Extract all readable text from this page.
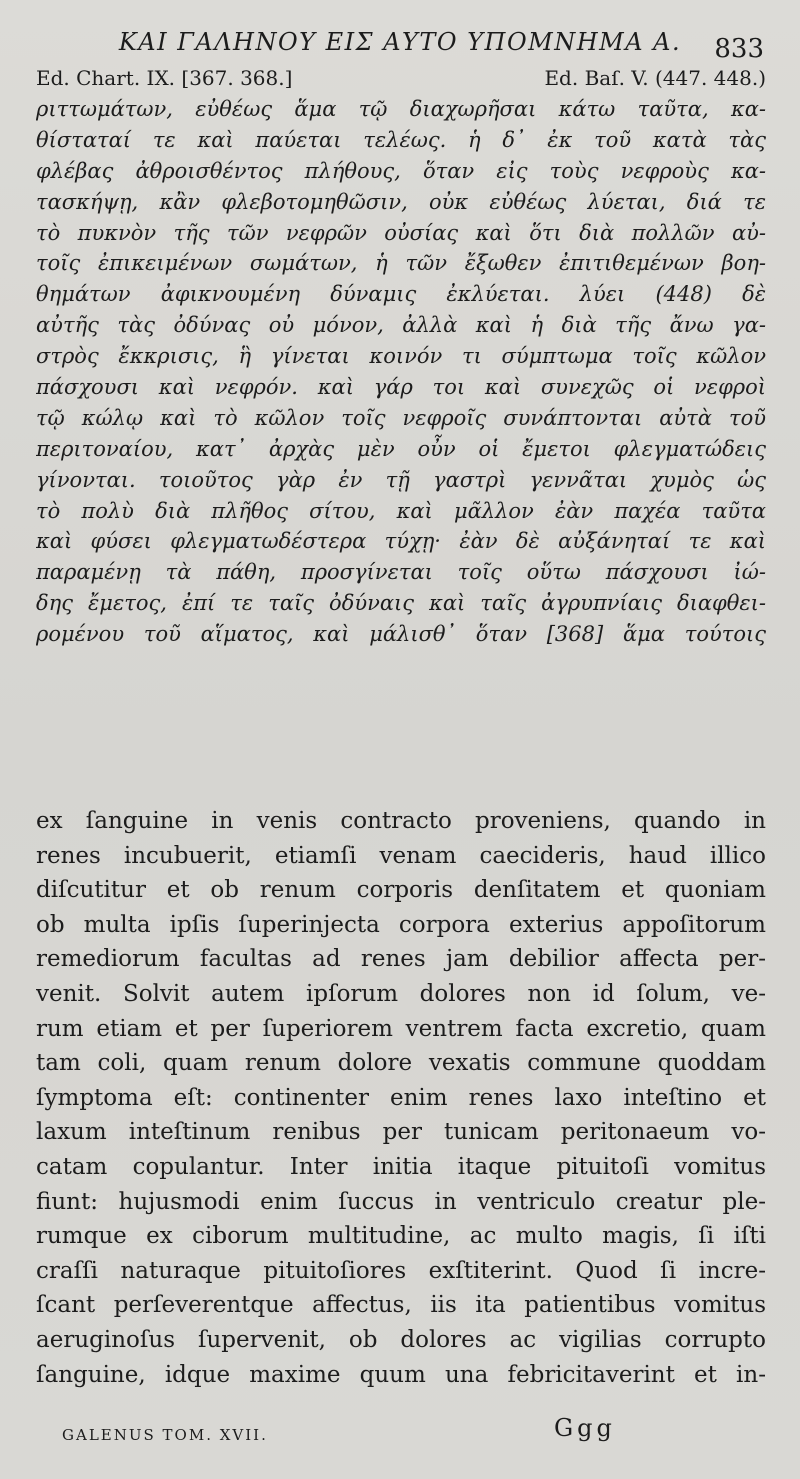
ΚΑΙ ΓΑΛΗΝΟΥ ΕΙΣ ΑΥΤΟ ΥΠΟΜΝΗΜΑ Α.	833
Ed. Chart. IX. [367. 368.]	Ed. Baſ. V. (447. 448.)
ριττωμάτων, εὐθέως ἅμα τῷ διαχωρῆσαι κάτω ταῦτα, κα-
θίσταταί τε καὶ παύεται τελέως. ἡ δ᾽ ἐκ τοῦ κατὰ τὰς
φλέβας ἀθροισθέντος πλήθους, ὅταν εἰς τοὺς νεφροὺς κα-
τασκήψῃ, κἂν φλεβοτομηθῶσιν, οὐκ εὐθέως λύεται, διά τε
τὸ πυκνὸν τῆς τῶν νεφρῶν οὐσίας καὶ ὅτι διὰ πολλῶν αὐ-
τοῖς ἐπικειμένων σωμάτων, ἡ τῶν ἔξωθεν ἐπιτιθεμένων βοη-
θημάτων ἀφικνουμένη δύναμις ἐκλύεται. λύει (448) δὲ
αὐτῆς τὰς ὀδύνας οὐ μόνον, ἀλλὰ καὶ ἡ διὰ τῆς ἄνω γα-
στρὸς ἔκκρισις, ἣ γίνεται κοινόν τι σύμπτωμα τοῖς κῶλον
πάσχουσι καὶ νεφρόν. καὶ γάρ τοι καὶ συνεχῶς οἱ νεφροὶ
τῷ κώλῳ καὶ τὸ κῶλον τοῖς νεφροῖς συνάπτονται αὐτὰ τοῦ
περιτοναίου, κατ᾽ ἀρχὰς μὲν οὖν οἱ ἔμετοι φλεγματώδεις
γίνονται. τοιοῦτος γὰρ ἐν τῇ γαστρὶ γεννᾶται χυμὸς ὡς
τὸ πολὺ διὰ πλῆθος σίτου, καὶ μᾶλλον ἐὰν παχέα ταῦτα
καὶ φύσει φλεγματωδέστερα τύχῃ· ἐὰν δὲ αὐξάνηταί τε καὶ
παραμένῃ τὰ πάθη, προσγίνεται τοῖς οὕτω πάσχουσι ἰώ-
δης ἔμετος, ἐπί τε ταῖς ὀδύναις καὶ ταῖς ἀγρυπνίαις διαφθει-
ρομένου τοῦ αἵματος, καὶ μάλισθ᾽ ὅταν [368] ἅμα τούτοις
ex ſanguine in venis contracto proveniens, quando in
renes incubuerit, etiamſi venam caecideris, haud illico
diſcutitur et ob renum corporis denſitatem et quoniam
ob multa ipſis ſuperinjecta corpora exterius appoſitorum
remediorum facultas ad renes jam debilior affecta per-
venit. Solvit autem ipſorum dolores non id ſolum, ve-
rum etiam et per ſuperiorem ventrem facta excretio, quam
tam coli, quam renum dolore vexatis commune quoddam
ſymptoma eſt: continenter enim renes laxo inteſtino et
laxum inteſtinum renibus per tunicam peritonaeum vo-
catam copulantur. Inter initia itaque pituitoſi vomitus
fiunt: hujusmodi enim ſuccus in ventriculo creatur ple-
rumque ex ciborum multitudine, ac multo magis, ſi iſti
craſſi naturaque pituitoſiores exſtiterint. Quod ſi incre-
ſcant perſeverentque affectus, iis ita patientibus vomitus
aeruginoſus ſupervenit, ob dolores ac vigilias corrupto
ſanguine, idque maxime quum una febricitaverint et in-
GALENUS TOM. XVII.	Ggg
